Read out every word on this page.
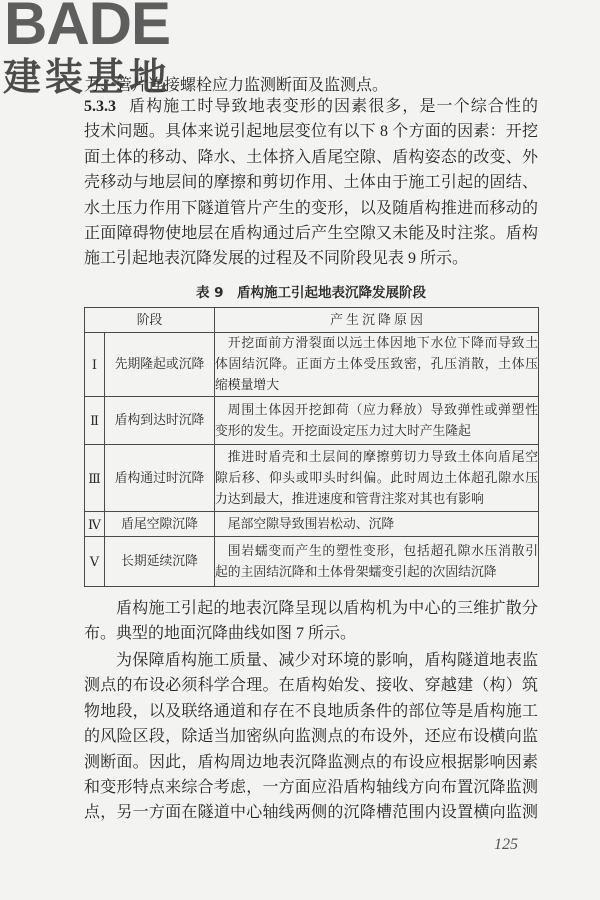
BADE
建装基地
力、管片连接螺栓应力监测断面及监测点。
5.3.3 盾构施工时导致地表变形的因素很多，是一个综合性的
技术问题。具体来说引起地层变位有以下 8 个方面的因素：开挖
面土体的移动、降水、土体挤入盾尾空隙、盾构姿态的改变、外
壳移动与地层间的摩擦和剪切作用、土体由于施工引起的固结、
水土压力作用下隧道管片产生的变形，以及随盾构推进而移动的
正面障碍物使地层在盾构通过后产生空隙又未能及时注浆。盾构
施工引起地表沉降发展的过程及不同阶段见表 9 所示。
表 9　盾构施工引起地表沉降发展阶段
阶段		产 生 沉 降 原 因
Ⅰ	先期隆起或沉降	开挖面前方滑裂面以远土体因地下水位下降而导致土
体固结沉降。正面方土体受压致密，孔压消散，土体压
缩模量增大

Ⅱ	盾构到达时沉降	周围土体因开挖卸荷（应力释放）导致弹性或弹塑性
变形的发生。开挖面设定压力过大时产生隆起

Ⅲ	盾构通过时沉降	推进时盾壳和土层间的摩擦剪切力导致土体向盾尾空
隙后移、仰头或叩头时纠偏。此时周边土体超孔隙水压
力达到最大，推进速度和管背注浆对其也有影响

Ⅳ	盾尾空隙沉降	尾部空隙导致围岩松动、沉降

Ⅴ	长期延续沉降	围岩蠕变而产生的塑性变形，包括超孔隙水压消散引
起的主固结沉降和土体骨架蠕变引起的次固结沉降
盾构施工引起的地表沉降呈现以盾构机为中心的三维扩散分
布。典型的地面沉降曲线如图 7 所示。
为保障盾构施工质量、减少对环境的影响，盾构隧道地表监
测点的布设必须科学合理。在盾构始发、接收、穿越建（构）筑
物地段，以及联络通道和存在不良地质条件的部位等是盾构施工
的风险区段，除适当加密纵向监测点的布设外，还应布设横向监
测断面。因此，盾构周边地表沉降监测点的布设应根据影响因素
和变形特点来综合考虑，一方面应沿盾构轴线方向布置沉降监测
点，另一方面在隧道中心轴线两侧的沉降槽范围内设置横向监测
125
